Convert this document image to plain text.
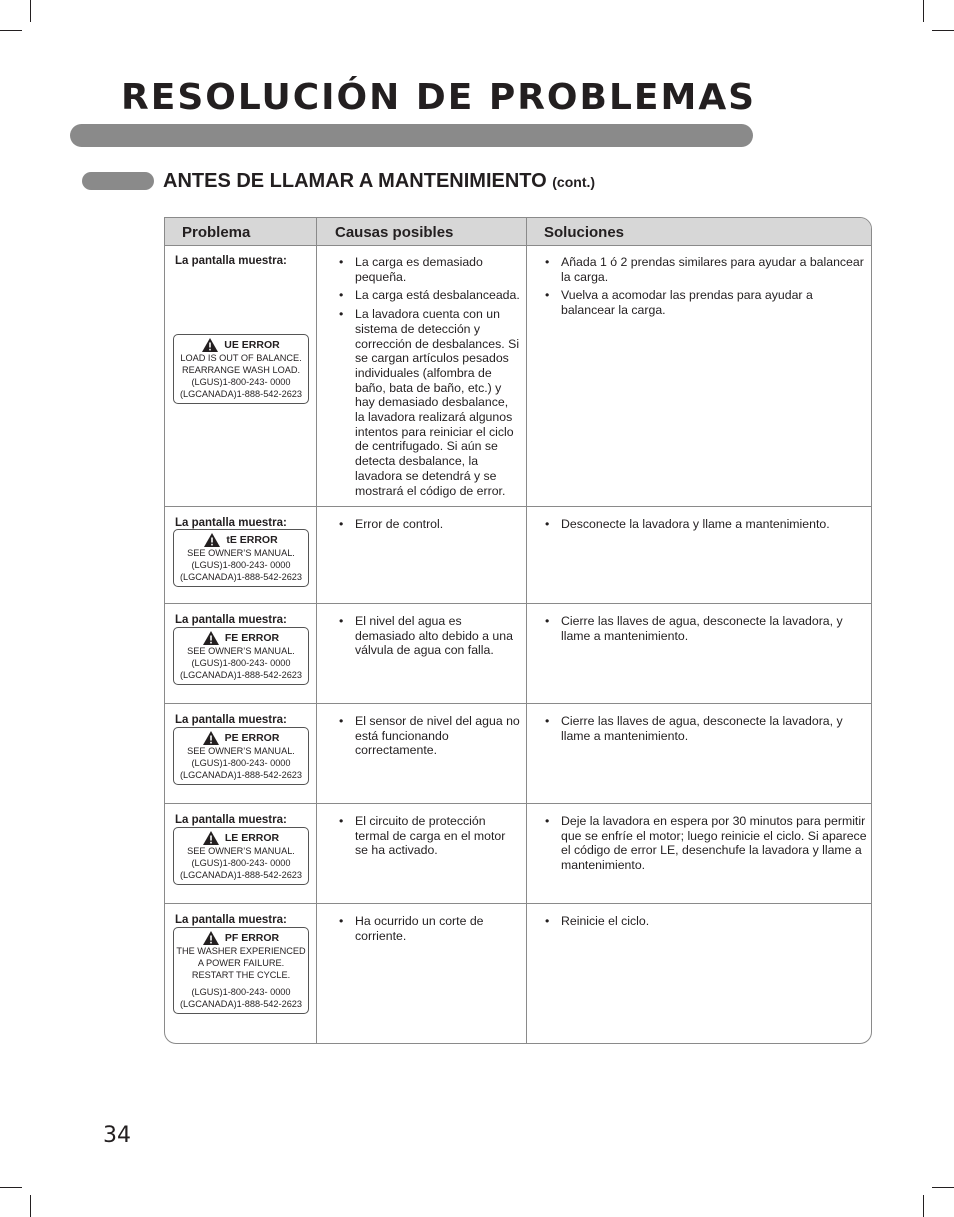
RESOLUCIÓN DE PROBLEMAS
ANTES DE LLAMAR A MANTENIMIENTO (cont.)
Problema	Causas posibles	Soluciones
La pantalla muestra:
UE ERROR
LOAD IS OUT OF BALANCE.
REARRANGE WASH LOAD.
(LGUS)1-800-243- 0000
(LGCANADA)1-888-542-2623
• La carga es demasiado pequeña.
• La carga está desbalanceada.
• La lavadora cuenta con un sistema de detección y corrección de desbalances. Si se cargan artículos pesados individuales (alfombra de baño, bata de baño, etc.) y hay demasiado desbalance, la lavadora realizará algunos intentos para reiniciar el ciclo de centrifugado. Si aún se detecta desbalance, la lavadora se detendrá y se mostrará el código de error.
• Añada 1 ó 2 prendas similares para ayudar a balancear la carga.
• Vuelva a acomodar las prendas para ayudar a balancear la carga.
La pantalla muestra:
tE ERROR
SEE OWNER’S MANUAL.
(LGUS)1-800-243- 0000
(LGCANADA)1-888-542-2623
• Error de control.
•	Desconecte la lavadora y llame a mantenimiento.
La pantalla muestra:
FE ERROR
SEE OWNER’S MANUAL.
(LGUS)1-800-243- 0000
(LGCANADA)1-888-542-2623
• El nivel del agua es demasiado alto debido a una válvula de agua con falla.
• Cierre las llaves de agua, desconecte la lavadora, y llame a mantenimiento.
La pantalla muestra:
PE ERROR
SEE OWNER’S MANUAL.
(LGUS)1-800-243- 0000
(LGCANADA)1-888-542-2623
• El sensor de nivel del agua no está funcionando correctamente.
• Cierre las llaves de agua, desconecte la lavadora, y llame a mantenimiento.
La pantalla muestra:
LE ERROR
SEE OWNER’S MANUAL.
(LGUS)1-800-243- 0000
(LGCANADA)1-888-542-2623
• El circuito de protección termal de carga en el motor se ha activado.
• Deje la lavadora en espera por 30 minutos para permitir que se enfríe el motor; luego reinicie el ciclo. Si aparece el código de error LE, desenchufe la lavadora y llame a mantenimiento.
La pantalla muestra:
PF ERROR
THE WASHER EXPERIENCED
A POWER FAILURE.
RESTART THE CYCLE.
(LGUS)1-800-243- 0000
(LGCANADA)1-888-542-2623
• Ha ocurrido un corte de corriente.
• Reinicie el ciclo.
34
